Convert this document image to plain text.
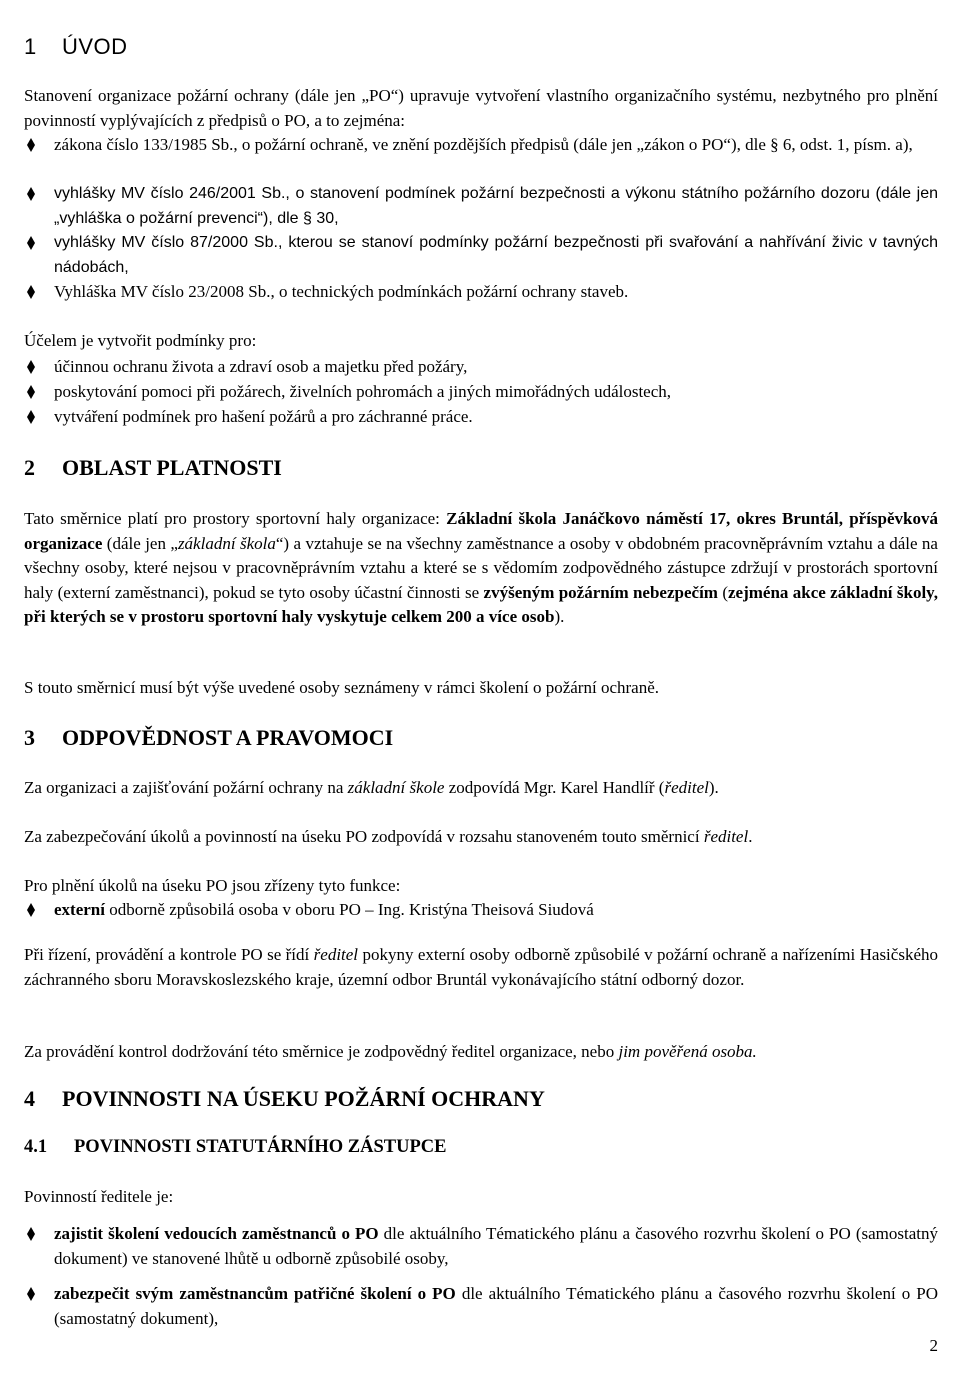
1 ÚVOD
Stanovení organizace požární ochrany (dále jen „PO“) upravuje vytvoření vlastního organizačního systému, nezbytného pro plnění povinností vyplývajících z předpisů o PO, a to zejména:
zákona číslo 133/1985 Sb., o požární ochraně, ve znění pozdějších předpisů (dále jen „zákon o PO“), dle § 6, odst. 1, písm. a),
vyhlášky MV číslo 246/2001 Sb., o stanovení podmínek požární bezpečnosti a výkonu státního požárního dozoru (dále jen „vyhláška o požární prevenci“), dle § 30,
vyhlášky MV číslo 87/2000 Sb., kterou se stanoví podmínky požární bezpečnosti při svařování a nahřívání živic v tavných nádobách,
Vyhláška MV číslo 23/2008 Sb., o technických podmínkách požární ochrany staveb.
Účelem je vytvořit podmínky pro:
účinnou ochranu života a zdraví osob a majetku před požáry,
poskytování pomoci při požárech, živelních pohromách a jiných mimořádných událostech,
vytváření podmínek pro hašení požárů a pro záchranné práce.
2 OBLAST PLATNOSTI
Tato směrnice platí pro prostory sportovní haly organizace: Základní škola Janáčkovo náměstí 17, okres Bruntál, příspěvková organizace (dále jen „základní škola“) a vztahuje se na všechny zaměstnance a osoby v obdobném pracovněprávním vztahu a dále na všechny osoby, které nejsou v pracovněprávním vztahu a které se s vědomím zodpovědného zástupce zdržují v prostorách sportovní haly (externí zaměstnanci), pokud se tyto osoby účastní činnosti se zvýšeným požárním nebezpečím (zejména akce základní školy, při kterých se v prostoru sportovní haly vyskytuje celkem 200 a více osob).
S touto směrnicí musí být výše uvedené osoby seznámeny v rámci školení o požární ochraně.
3 ODPOVĚDNOST A PRAVOMOCI
Za organizaci a zajišťování požární ochrany na základní škole zodpovídá Mgr. Karel Handlíř (ředitel).
Za zabezpečování úkolů a povinností na úseku PO zodpovídá v rozsahu stanoveném touto směrnicí ředitel.
Pro plnění úkolů na úseku PO jsou zřízeny tyto funkce:
externí odborně způsobilá osoba v oboru PO – Ing. Kristýna Theisová Siudová
Při řízení, provádění a kontrole PO se řídí ředitel pokyny externí osoby odborně způsobilé v požární ochraně a nařízeními Hasičského záchranného sboru Moravskoslezského kraje, územní odbor Bruntál vykonávajícího státní odborný dozor.
Za provádění kontrol dodržování této směrnice je zodpovědný ředitel organizace, nebo jim pověřená osoba.
4 POVINNOSTI NA ÚSEKU POŽÁRNÍ OCHRANY
4.1 POVINNOSTI STATUTÁRNÍHO ZÁSTUPCE
Povinností ředitele je:
zajistit školení vedoucích zaměstnanců o PO dle aktuálního Tématického plánu a časového rozvrhu školení o PO (samostatný dokument) ve stanovené lhůtě u odborně způsobilé osoby,
zabezpečit svým zaměstnancům patřičné školení o PO dle aktuálního Tématického plánu a časového rozvrhu školení o PO (samostatný dokument),
2
